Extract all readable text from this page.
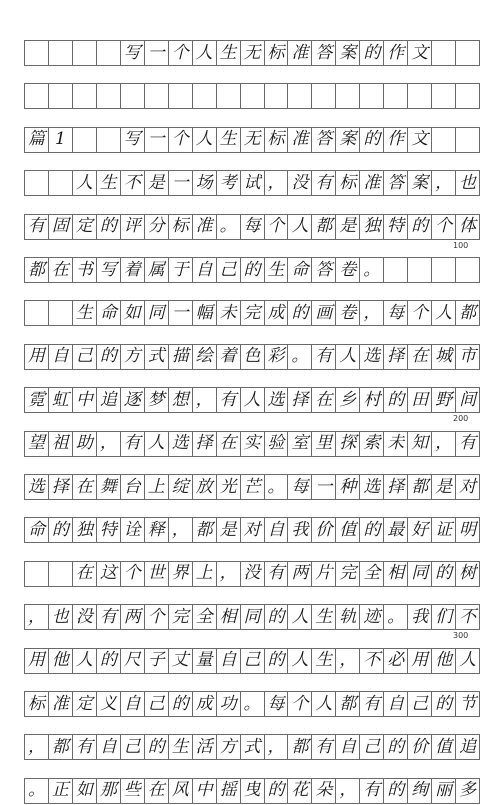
写 一 个 人 生 无 标 准 答 案 的 作 文
篇 1	写 一 个 人 生 无 标 准 答 案 的 作 文
人 生 不 是 一 场 考 试 ， 没 有 标 准 答 案 ， 也
有 固 定 的 评 分 标 准 。 每 个 人 都 是 独 特 的 个 体
都 在 书 写 着 属 于 自 己 的 生 命 答 卷 。
生 命 如 同 一 幅 未 完 成 的 画 卷 ， 每 个 人 都
用 自 己 的 方 式 描 绘 着 色 彩 。 有 人 选 择 在 城 市
霓 虹 中 追 逐 梦 想 ， 有 人 选 择 在 乡 村 的 田 野 间
望 祖 助 ， 有 人 选 择 在 实 验 室 里 探 索 未 知 ， 有
选 择 在 舞 台 上 绽 放 光 芒 。 每 一 种 选 择 都 是 对
命 的 独 特 诠 释 ， 都 是 对 自 我 价 值 的 最 好 证 明
在 这 个 世 界 上 ， 没 有 两 片 完 全 相 同 的 树
， 也 没 有 两 个 完 全 相 同 的 人 生 轨 迹 。 我 们 不
用 他 人 的 尺 子 丈 量 自 己 的 人 生 ， 不 必 用 他 人
标 准 定 义 自 己 的 成 功 。 每 个 人 都 有 自 己 的 节
， 都 有 自 己 的 生 活 方 式 ， 都 有 自 己 的 价 值 追
。 正 如 那 些 在 风 中 摇 曳 的 花 朵 ， 有 的 绚 丽 多
100
200
300
